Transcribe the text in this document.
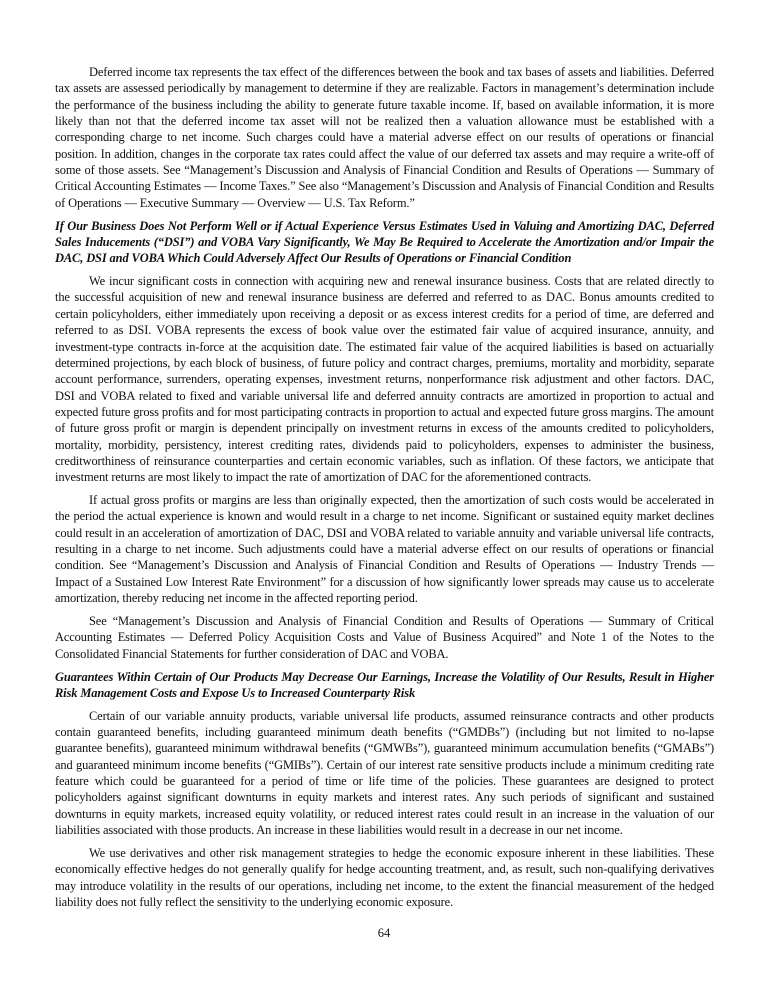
Deferred income tax represents the tax effect of the differences between the book and tax bases of assets and liabilities. Deferred tax assets are assessed periodically by management to determine if they are realizable. Factors in management’s determination include the performance of the business including the ability to generate future taxable income. If, based on available information, it is more likely than not that the deferred income tax asset will not be realized then a valuation allowance must be established with a corresponding charge to net income. Such charges could have a material adverse effect on our results of operations or financial position. In addition, changes in the corporate tax rates could affect the value of our deferred tax assets and may require a write-off of some of those assets. See “Management’s Discussion and Analysis of Financial Condition and Results of Operations — Summary of Critical Accounting Estimates — Income Taxes.” See also “Management’s Discussion and Analysis of Financial Condition and Results of Operations — Executive Summary — Overview — U.S. Tax Reform.”

If Our Business Does Not Perform Well or if Actual Experience Versus Estimates Used in Valuing and Amortizing DAC, Deferred Sales Inducements (“DSI”) and VOBA Vary Significantly, We May Be Required to Accelerate the Amortization and/or Impair the DAC, DSI and VOBA Which Could Adversely Affect Our Results of Operations or Financial Condition

We incur significant costs in connection with acquiring new and renewal insurance business. Costs that are related directly to the successful acquisition of new and renewal insurance business are deferred and referred to as DAC. Bonus amounts credited to certain policyholders, either immediately upon receiving a deposit or as excess interest credits for a period of time, are deferred and referred to as DSI. VOBA represents the excess of book value over the estimated fair value of acquired insurance, annuity, and investment-type contracts in-force at the acquisition date. The estimated fair value of the acquired liabilities is based on actuarially determined projections, by each block of business, of future policy and contract charges, premiums, mortality and morbidity, separate account performance, surrenders, operating expenses, investment returns, nonperformance risk adjustment and other factors. DAC, DSI and VOBA related to fixed and variable universal life and deferred annuity contracts are amortized in proportion to actual and expected future gross profits and for most participating contracts in proportion to actual and expected future gross margins. The amount of future gross profit or margin is dependent principally on investment returns in excess of the amounts credited to policyholders, mortality, morbidity, persistency, interest crediting rates, dividends paid to policyholders, expenses to administer the business, creditworthiness of reinsurance counterparties and certain economic variables, such as inflation. Of these factors, we anticipate that investment returns are most likely to impact the rate of amortization of DAC for the aforementioned contracts.

If actual gross profits or margins are less than originally expected, then the amortization of such costs would be accelerated in the period the actual experience is known and would result in a charge to net income. Significant or sustained equity market declines could result in an acceleration of amortization of DAC, DSI and VOBA related to variable annuity and variable universal life contracts, resulting in a charge to net income. Such adjustments could have a material adverse effect on our results of operations or financial condition. See “Management’s Discussion and Analysis of Financial Condition and Results of Operations — Industry Trends — Impact of a Sustained Low Interest Rate Environment” for a discussion of how significantly lower spreads may cause us to accelerate amortization, thereby reducing net income in the affected reporting period.

See “Management’s Discussion and Analysis of Financial Condition and Results of Operations — Summary of Critical Accounting Estimates — Deferred Policy Acquisition Costs and Value of Business Acquired” and Note 1 of the Notes to the Consolidated Financial Statements for further consideration of DAC and VOBA.

Guarantees Within Certain of Our Products May Decrease Our Earnings, Increase the Volatility of Our Results, Result in Higher Risk Management Costs and Expose Us to Increased Counterparty Risk

Certain of our variable annuity products, variable universal life products, assumed reinsurance contracts and other products contain guaranteed benefits, including guaranteed minimum death benefits (“GMDBs”) (including but not limited to no-lapse guarantee benefits), guaranteed minimum withdrawal benefits (“GMWBs”), guaranteed minimum accumulation benefits (“GMABs”) and guaranteed minimum income benefits (“GMIBs”). Certain of our interest rate sensitive products include a minimum crediting rate feature which could be guaranteed for a period of time or life time of the policies. These guarantees are designed to protect policyholders against significant downturns in equity markets and interest rates. Any such periods of significant and sustained downturns in equity markets, increased equity volatility, or reduced interest rates could result in an increase in the valuation of our liabilities associated with those products. An increase in these liabilities would result in a decrease in our net income.

We use derivatives and other risk management strategies to hedge the economic exposure inherent in these liabilities. These economically effective hedges do not generally qualify for hedge accounting treatment, and, as result, such non-qualifying derivatives may introduce volatility in the results of our operations, including net income, to the extent the financial measurement of the hedged liability does not fully reflect the sensitivity to the underlying economic exposure.

64
